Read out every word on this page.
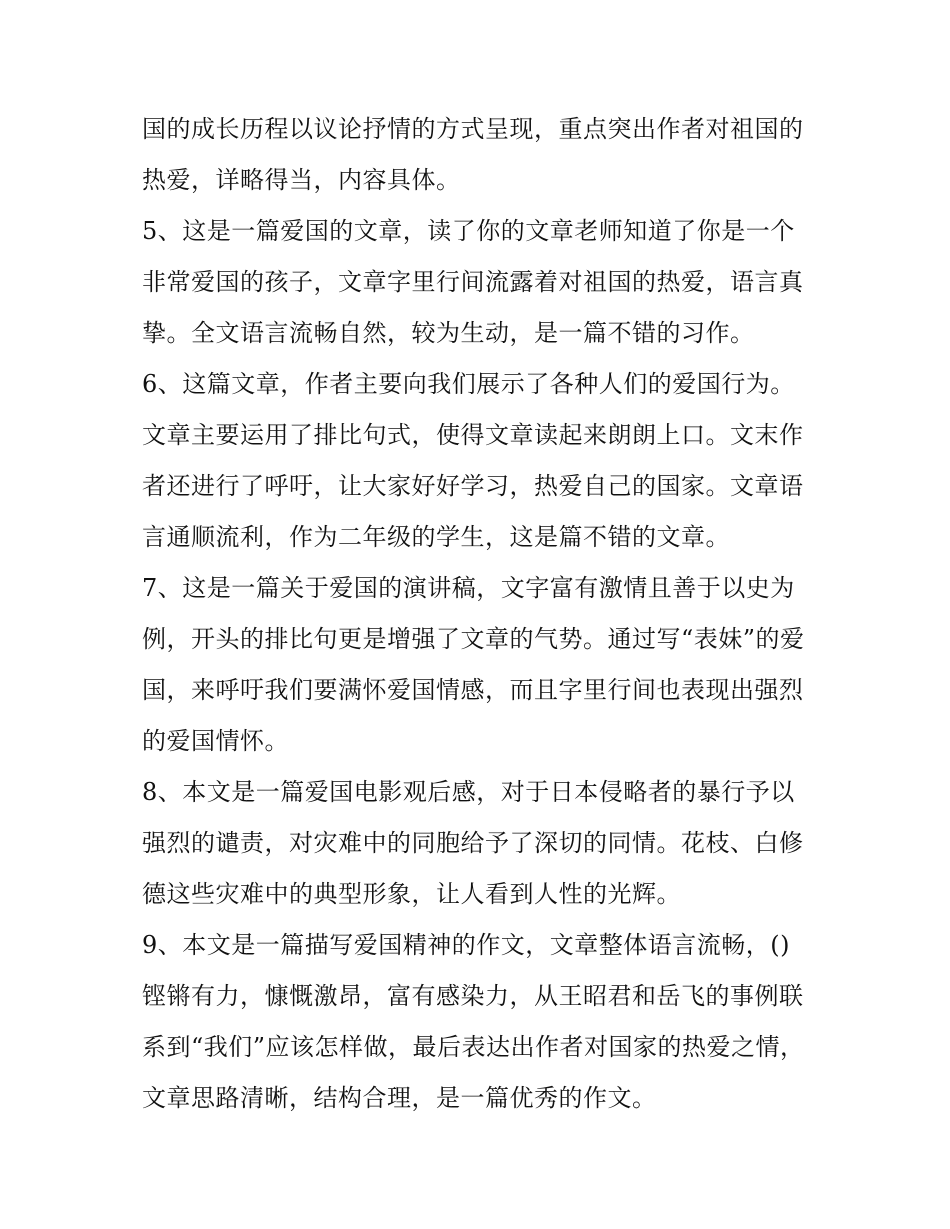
国的成长历程以议论抒情的方式呈现，重点突出作者对祖国的
热爱，详略得当，内容具体。
5、这是一篇爱国的文章，读了你的文章老师知道了你是一个
非常爱国的孩子，文章字里行间流露着对祖国的热爱，语言真
挚。全文语言流畅自然，较为生动，是一篇不错的习作。
6、这篇文章，作者主要向我们展示了各种人们的爱国行为。
文章主要运用了排比句式，使得文章读起来朗朗上口。文末作
者还进行了呼吁，让大家好好学习，热爱自己的国家。文章语
言通顺流利，作为二年级的学生，这是篇不错的文章。
7、这是一篇关于爱国的演讲稿，文字富有激情且善于以史为
例，开头的排比句更是增强了文章的气势。通过写“表妹”的爱
国，来呼吁我们要满怀爱国情感，而且字里行间也表现出强烈
的爱国情怀。
8、本文是一篇爱国电影观后感，对于日本侵略者的暴行予以
强烈的谴责，对灾难中的同胞给予了深切的同情。花枝、白修
德这些灾难中的典型形象，让人看到人性的光辉。
9、本文是一篇描写爱国精神的作文，文章整体语言流畅，()
铿锵有力，慷慨激昂，富有感染力，从王昭君和岳飞的事例联
系到“我们”应该怎样做，最后表达出作者对国家的热爱之情，
文章思路清晰，结构合理，是一篇优秀的作文。
